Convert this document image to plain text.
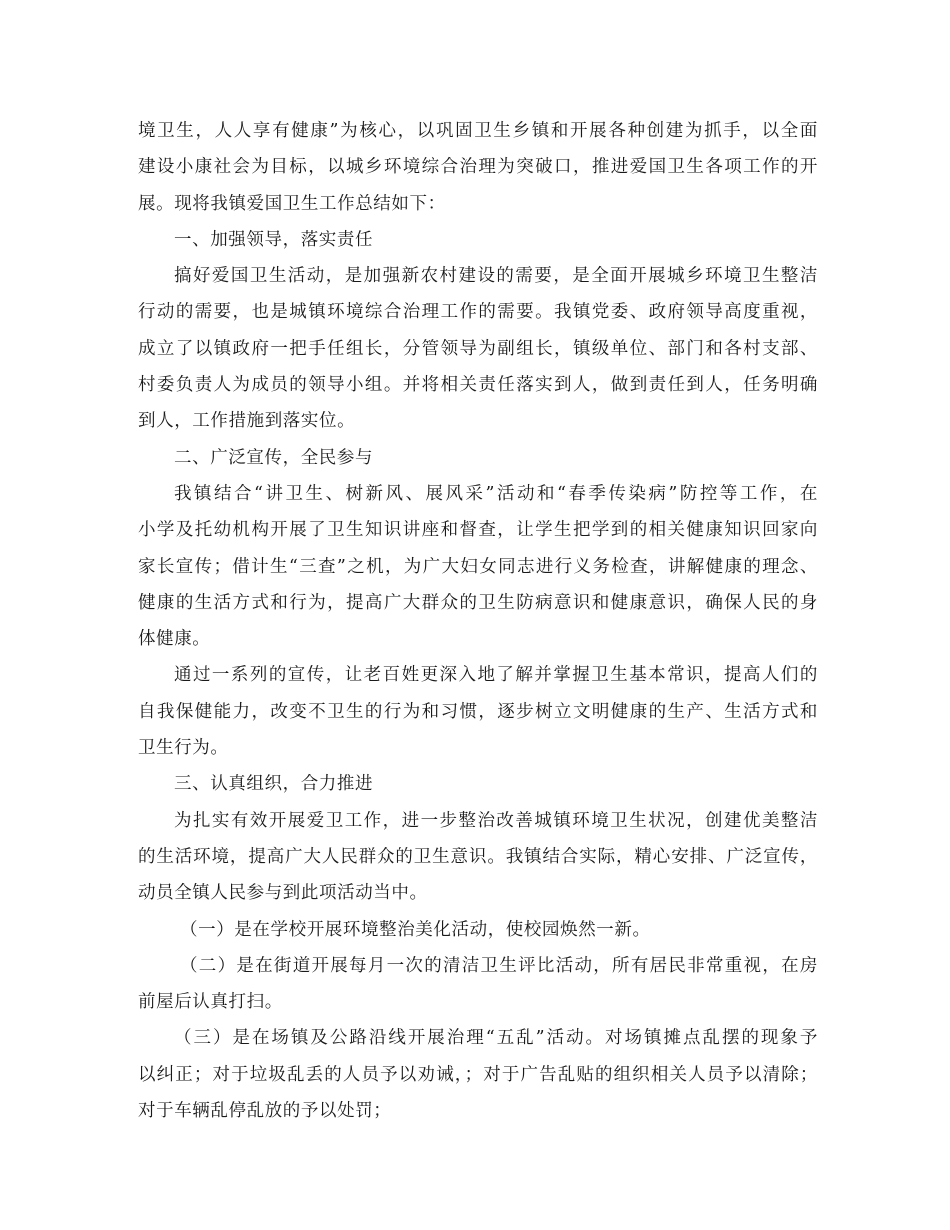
境卫生，人人享有健康”为核心，以巩固卫生乡镇和开展各种创建为抓手，以全面
建设小康社会为目标，以城乡环境综合治理为突破口，推进爱国卫生各项工作的开
展。现将我镇爱国卫生工作总结如下：
一、加强领导，落实责任
搞好爱国卫生活动，是加强新农村建设的需要，是全面开展城乡环境卫生整洁
行动的需要，也是城镇环境综合治理工作的需要。我镇党委、政府领导高度重视，
成立了以镇政府一把手任组长，分管领导为副组长，镇级单位、部门和各村支部、
村委负责人为成员的领导小组。并将相关责任落实到人，做到责任到人，任务明确
到人，工作措施到落实位。
二、广泛宣传，全民参与
我镇结合“讲卫生、树新风、展风采”活动和“春季传染病”防控等工作，在
小学及托幼机构开展了卫生知识讲座和督查，让学生把学到的相关健康知识回家向
家长宣传；借计生“三查”之机，为广大妇女同志进行义务检查，讲解健康的理念、
健康的生活方式和行为，提高广大群众的卫生防病意识和健康意识，确保人民的身
体健康。
通过一系列的宣传，让老百姓更深入地了解并掌握卫生基本常识，提高人们的
自我保健能力，改变不卫生的行为和习惯，逐步树立文明健康的生产、生活方式和
卫生行为。
三、认真组织，合力推进
为扎实有效开展爱卫工作，进一步整治改善城镇环境卫生状况，创建优美整洁
的生活环境，提高广大人民群众的卫生意识。我镇结合实际，精心安排、广泛宣传，
动员全镇人民参与到此项活动当中。
（一）是在学校开展环境整治美化活动，使校园焕然一新。
（二）是在街道开展每月一次的清洁卫生评比活动，所有居民非常重视，在房
前屋后认真打扫。
（三）是在场镇及公路沿线开展治理“五乱”活动。对场镇摊点乱摆的现象予
以纠正；对于垃圾乱丢的人员予以劝诫，；对于广告乱贴的组织相关人员予以清除；
对于车辆乱停乱放的予以处罚；
